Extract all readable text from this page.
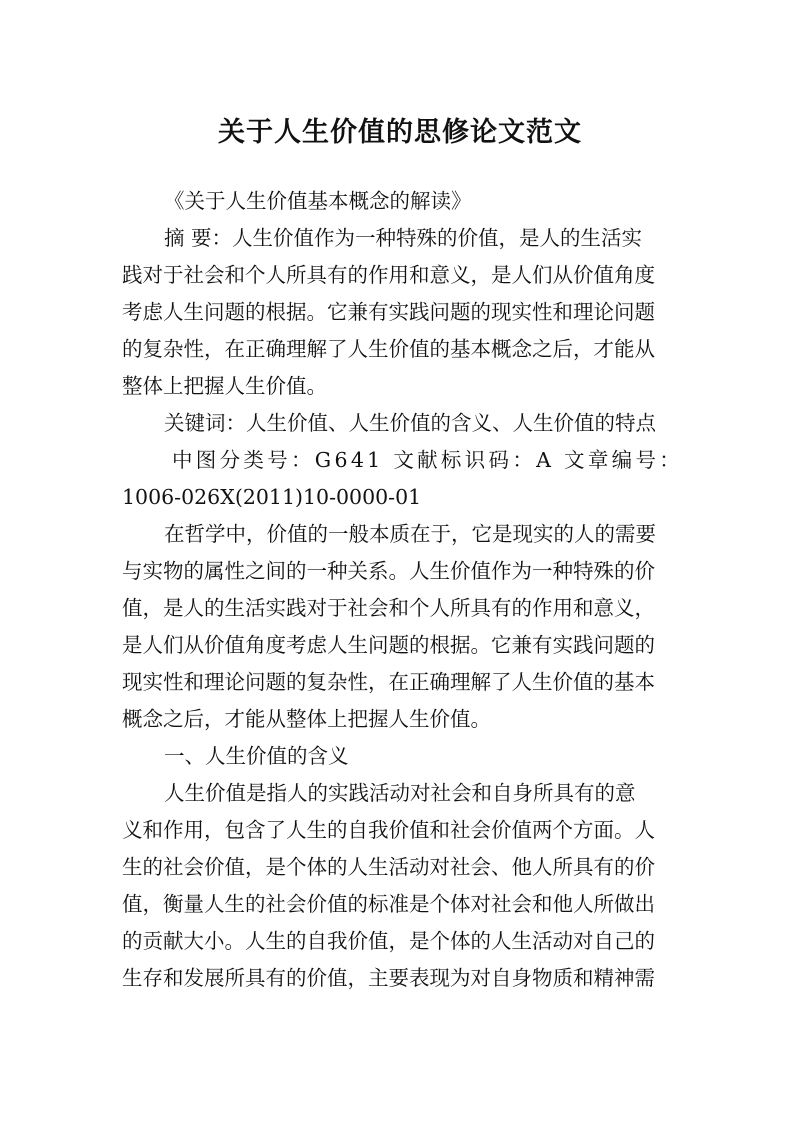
关于人生价值的思修论文范文
《关于人生价值基本概念的解读》
摘 要：人生价值作为一种特殊的价值，是人的生活实
践对于社会和个人所具有的作用和意义，是人们从价值角度
考虑人生问题的根据。它兼有实践问题的现实性和理论问题
的复杂性，在正确理解了人生价值的基本概念之后，才能从
整体上把握人生价值。
关键词：人生价值、人生价值的含义、人生价值的特点
中图分类号：G641 文献标识码：A 文章编号：
1006-026X(2011)10-0000-01
在哲学中，价值的一般本质在于，它是现实的人的需要
与实物的属性之间的一种关系。人生价值作为一种特殊的价
值，是人的生活实践对于社会和个人所具有的作用和意义，
是人们从价值角度考虑人生问题的根据。它兼有实践问题的
现实性和理论问题的复杂性，在正确理解了人生价值的基本
概念之后，才能从整体上把握人生价值。
一、人生价值的含义
人生价值是指人的实践活动对社会和自身所具有的意
义和作用，包含了人生的自我价值和社会价值两个方面。人
生的社会价值，是个体的人生活动对社会、他人所具有的价
值，衡量人生的社会价值的标准是个体对社会和他人所做出
的贡献大小。人生的自我价值，是个体的人生活动对自己的
生存和发展所具有的价值，主要表现为对自身物质和精神需
